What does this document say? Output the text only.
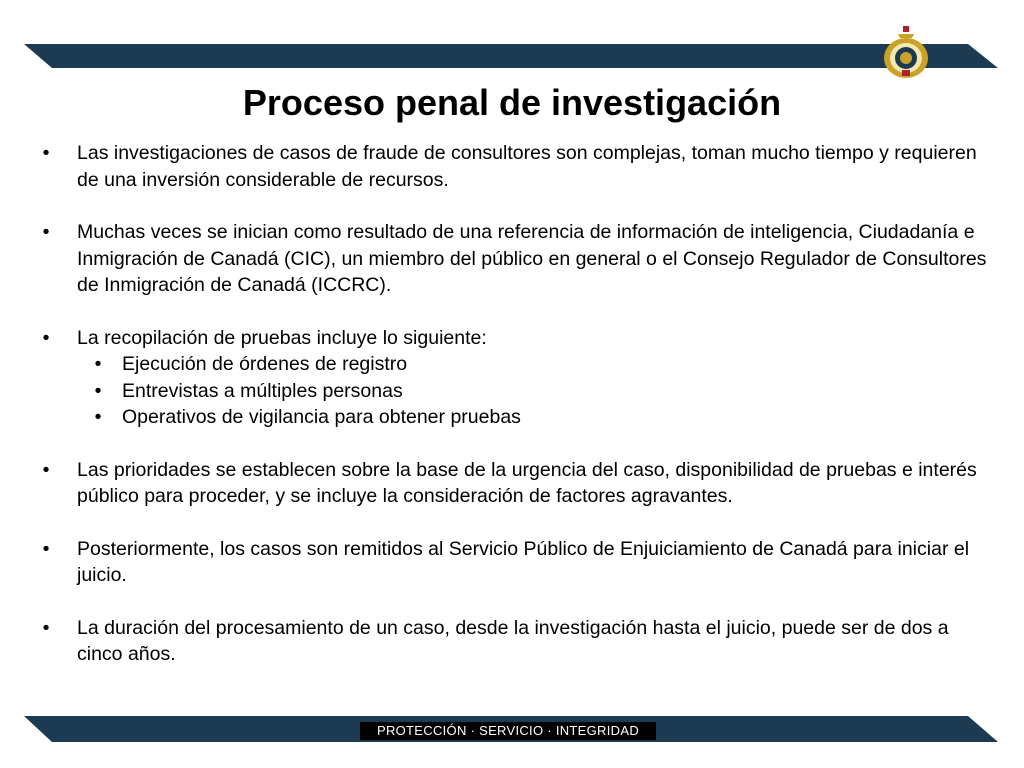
Proceso penal de investigación
•	Las investigaciones de casos de fraude de consultores son complejas, toman mucho tiempo y requieren de una inversión considerable de recursos.
•	Muchas veces se inician como resultado de una referencia de información de inteligencia, Ciudadanía e Inmigración de Canadá (CIC), un miembro del público en general o el Consejo Regulador de Consultores de Inmigración de Canadá (ICCRC).
•	La recopilación de pruebas incluye lo siguiente:
•	Ejecución de órdenes de registro
•	Entrevistas a múltiples personas
•	Operativos de vigilancia para obtener pruebas
•	Las prioridades se establecen sobre la base de la urgencia del caso, disponibilidad de pruebas e interés público para proceder, y se incluye la consideración de factores agravantes.
•	Posteriormente, los casos son remitidos al Servicio Público de Enjuiciamiento de Canadá para iniciar el juicio.
•	La duración del procesamiento de un caso, desde la investigación hasta el juicio, puede ser de dos a cinco años.
PROTECCIÓN · SERVICIO · INTEGRIDAD
